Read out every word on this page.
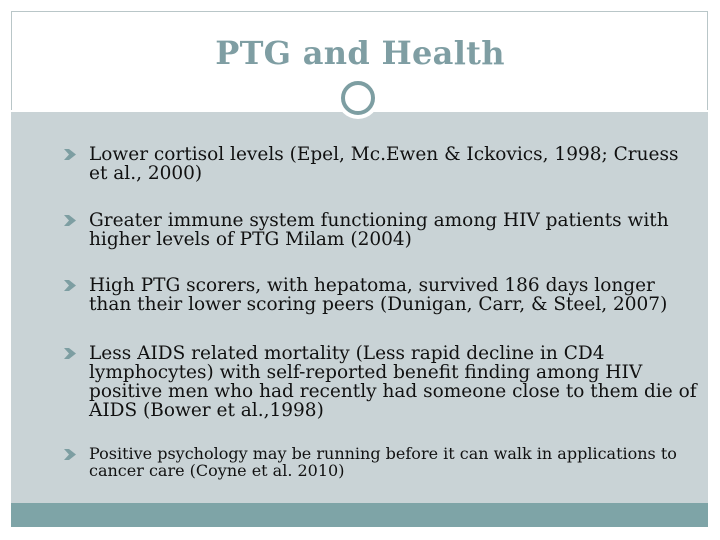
PTG and Health
Lower cortisol levels (Epel, Mc.Ewen & Ickovics, 1998; Cruess et al., 2000)
Greater immune system functioning among HIV patients with higher levels of PTG Milam (2004)
High PTG scorers, with hepatoma, survived 186 days longer than their lower scoring peers (Dunigan, Carr, & Steel, 2007)
Less AIDS related mortality (Less rapid decline in CD4 lymphocytes) with self-reported benefit finding among HIV positive men who had recently had someone close to them die of AIDS (Bower et al.,1998)
Positive psychology may be running before it can walk in applications to cancer care (Coyne et al. 2010)
